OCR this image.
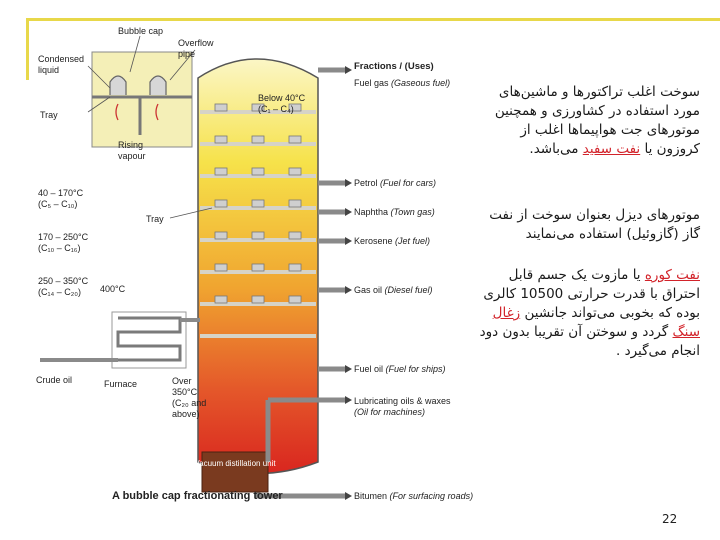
Vacuum distillation unit
Bubble cap
Overflow
pipe
Condensed
liquid
Tray
Rising
vapour
Below 40°C
(C₁ – C₄)
40 – 170°C
(C₅ – C₁₀)
Tray
170 – 250°C
(C₁₀ – C₁₆)
250 – 350°C
(C₁₄ – C₂₀) 400°C
Crude oil	Furnace	Over
350°C
(C₂₀ and
above)
Fractions / (Uses)
Fuel gas (Gaseous fuel)
Petrol (Fuel for cars)
Naphtha (Town gas)
Kerosene (Jet fuel)
Gas oil (Diesel fuel)
Fuel oil (Fuel for ships)
Lubricating oils & waxes
(Oil for machines)
Bitumen (For surfacing roads)
A bubble cap fractionating tower
سوخت اغلب تراکتورها و ماشین‌های
مورد استفاده در کشاورزی و همچنین
موتورهای جت هواپیماها اغلب از
کروزون یا نفت سفید می‌باشد.
موتورهای دیزل بعنوان سوخت از نفت
گاز (گازوئیل) استفاده می‌نمایند
نفت کوره یا مازوت یک جسم قابل
احتراق با قدرت حرارتی 10500 کالری
بوده که بخوبی می‌تواند جانشین زغال
سنگ گردد و سوختن آن تقریبا بدون دود
انجام می‌گیرد .
22
